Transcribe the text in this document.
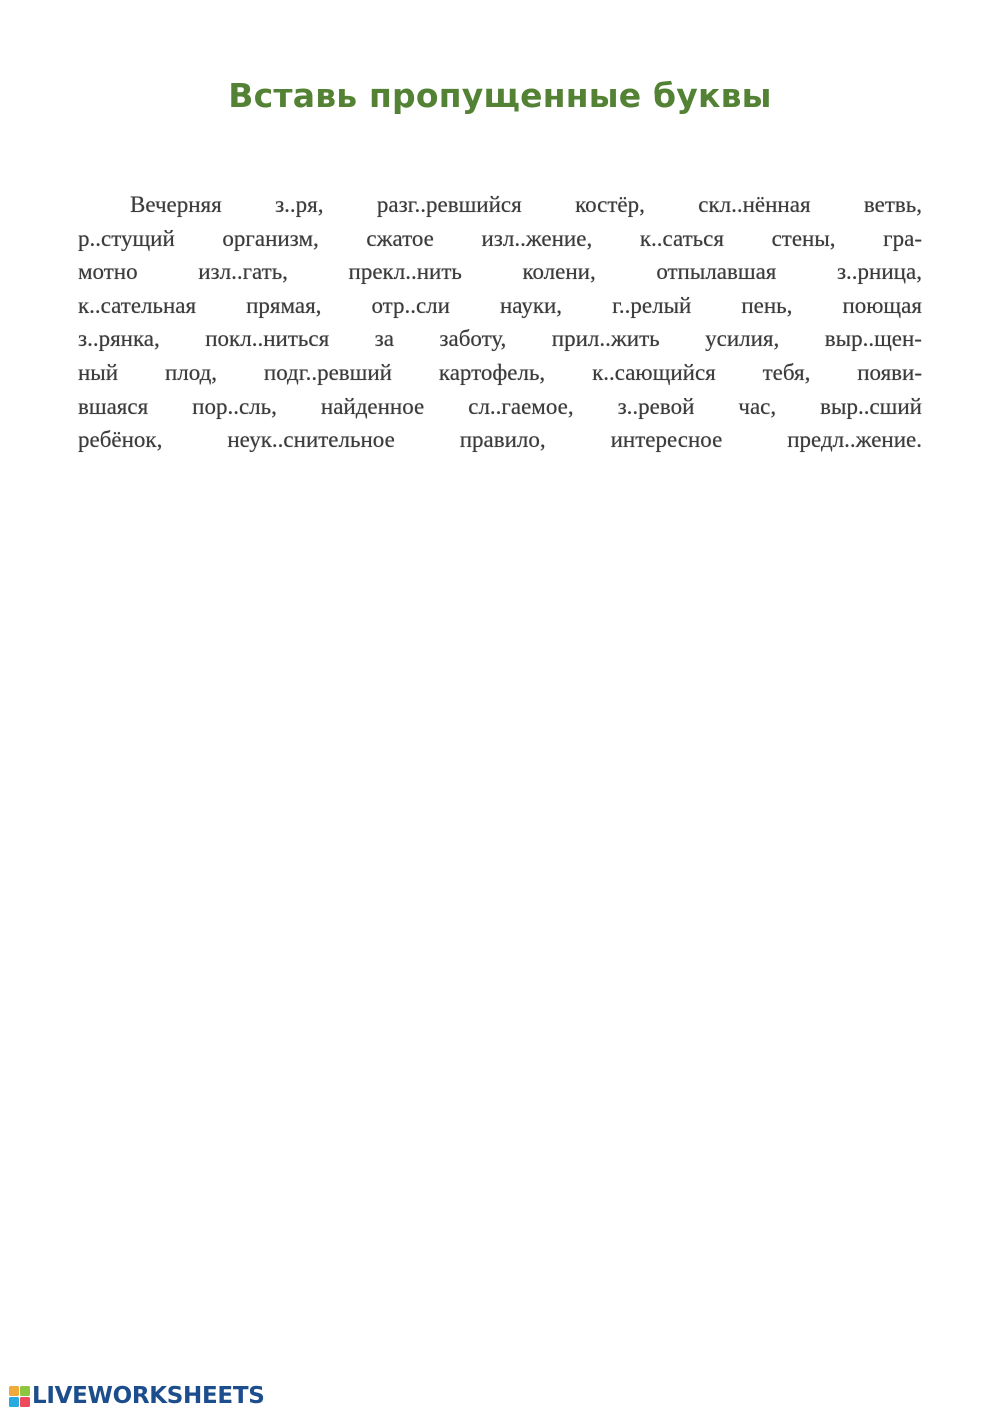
Вставь пропущенные буквы
Вечерняя з..ря, разг..ревшийся костёр, скл..нённая ветвь,
р..стущий организм, сжатое изл..жение, к..саться стены, гра-
мотно	изл..гать,	прекл..нить	колени,	отпылавшая	з..рница,
к..сательная прямая, отр..сли науки, г..релый пень, поющая
з..рянка, покл..ниться за заботу, прил..жить усилия, выр..щен-
ный плод, подг..ревший картофель, к..сающийся тебя, появи-
вшаяся пор..сль, найденное сл..гаемое, з..ревой час, выр..сший
ребёнок,	неук..снительное	правило,	интересное	предл..жение.
LIVEWORKSHEETS
